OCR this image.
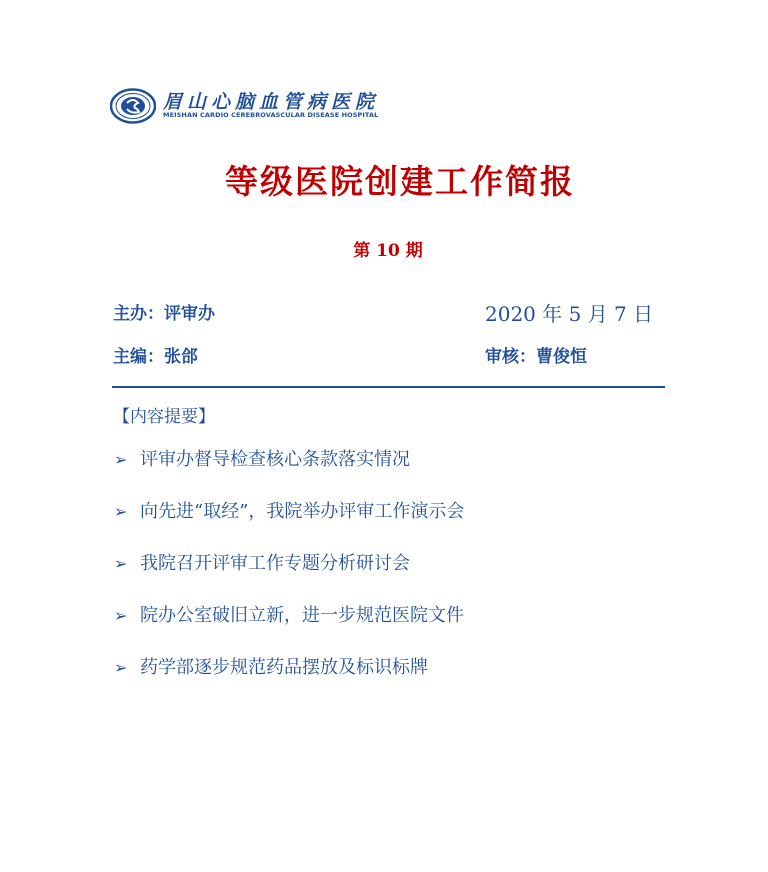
眉山心脑血管病医院
MEISHAN CARDIO CEREBROVASCULAR DISEASE HOSPITAL
等级医院创建工作简报
第 10 期
主办：评审办	2020 年 5 月 7 日
主编：张郃	审核：曹俊恒
【内容提要】
➢ 评审办督导检查核心条款落实情况
➢ 向先进“取经”，我院举办评审工作演示会
➢ 我院召开评审工作专题分析研讨会
➢ 院办公室破旧立新，进一步规范医院文件
➢ 药学部逐步规范药品摆放及标识标牌
